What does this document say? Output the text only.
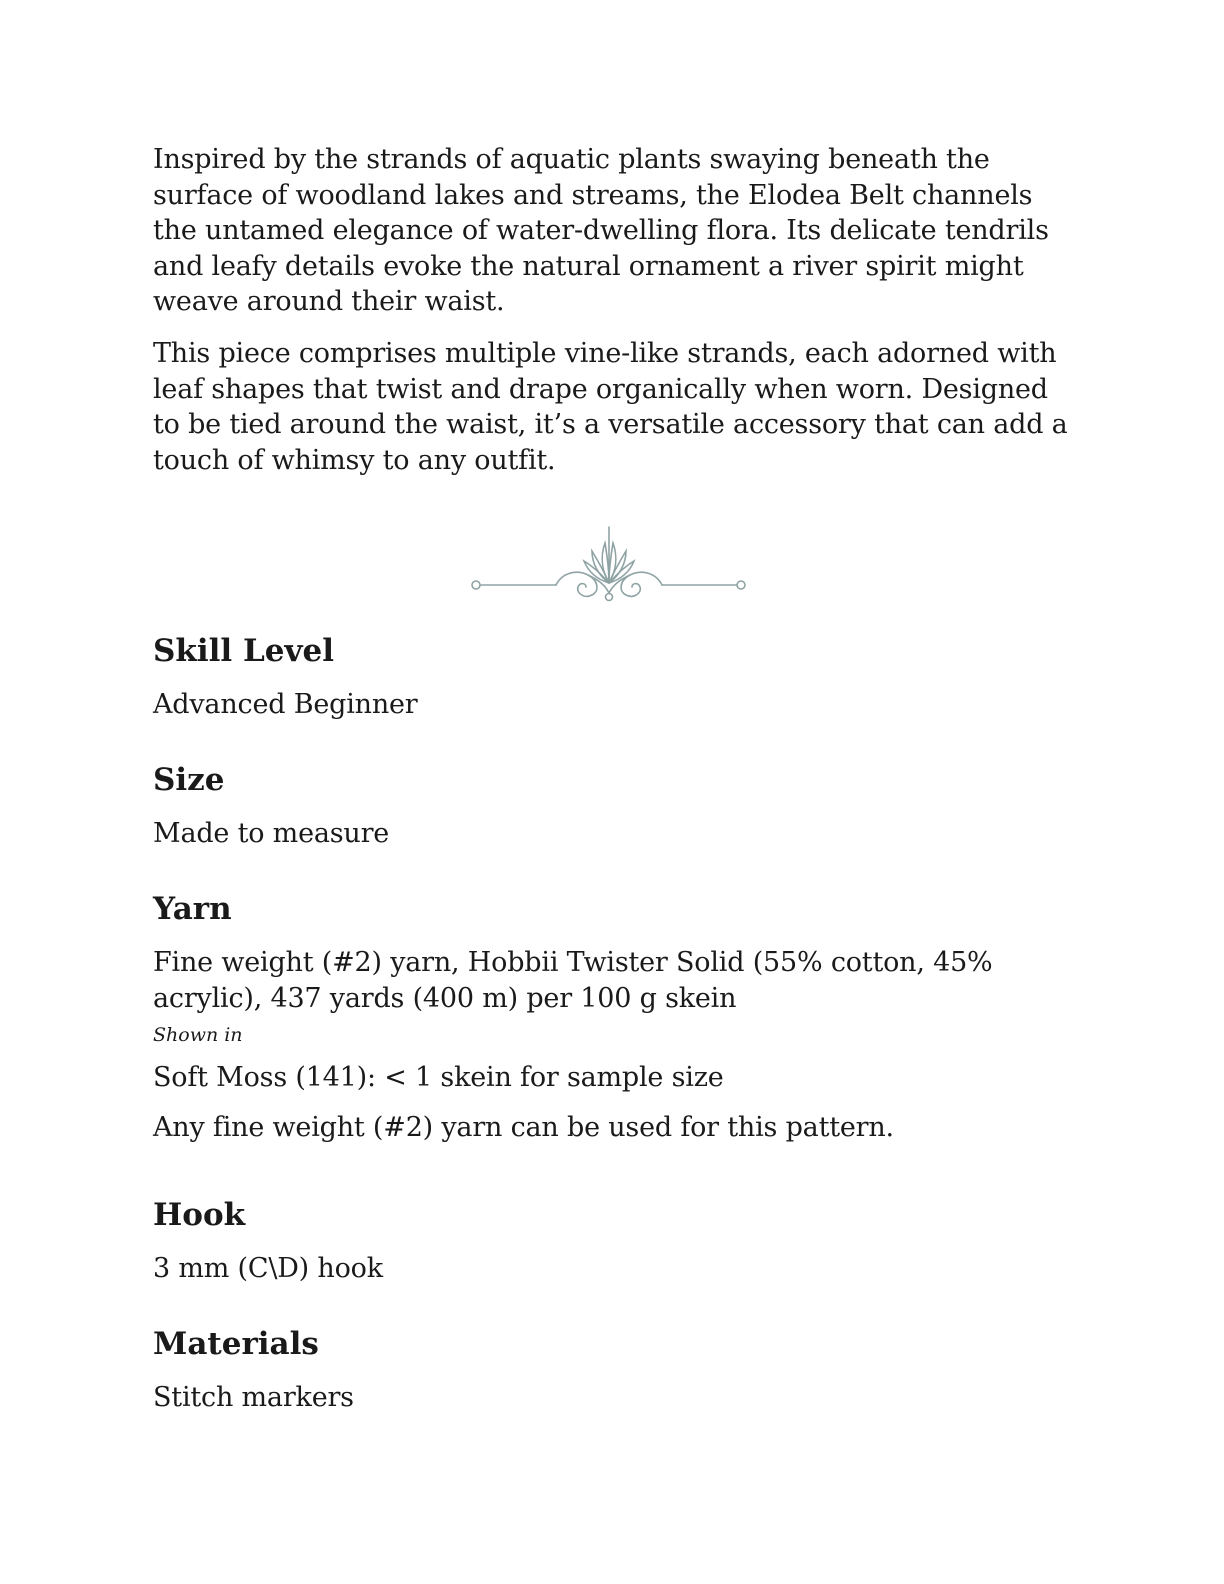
Inspired by the strands of aquatic plants swaying beneath the surface of woodland lakes and streams, the Elodea Belt channels the untamed elegance of water-dwelling flora. Its delicate tendrils and leafy details evoke the natural ornament a river spirit might weave around their waist.

This piece comprises multiple vine-like strands, each adorned with leaf shapes that twist and drape organically when worn. Designed to be tied around the waist, it’s a versatile accessory that can add a touch of whimsy to any outfit.

Skill Level

Advanced Beginner

Size

Made to measure

Yarn

Fine weight (#2) yarn, Hobbii Twister Solid (55% cotton, 45% acrylic), 437 yards (400 m) per 100 g skein

Shown in

Soft Moss (141): < 1 skein for sample size

Any fine weight (#2) yarn can be used for this pattern.

Hook

3 mm (C\D) hook

Materials

Stitch markers
